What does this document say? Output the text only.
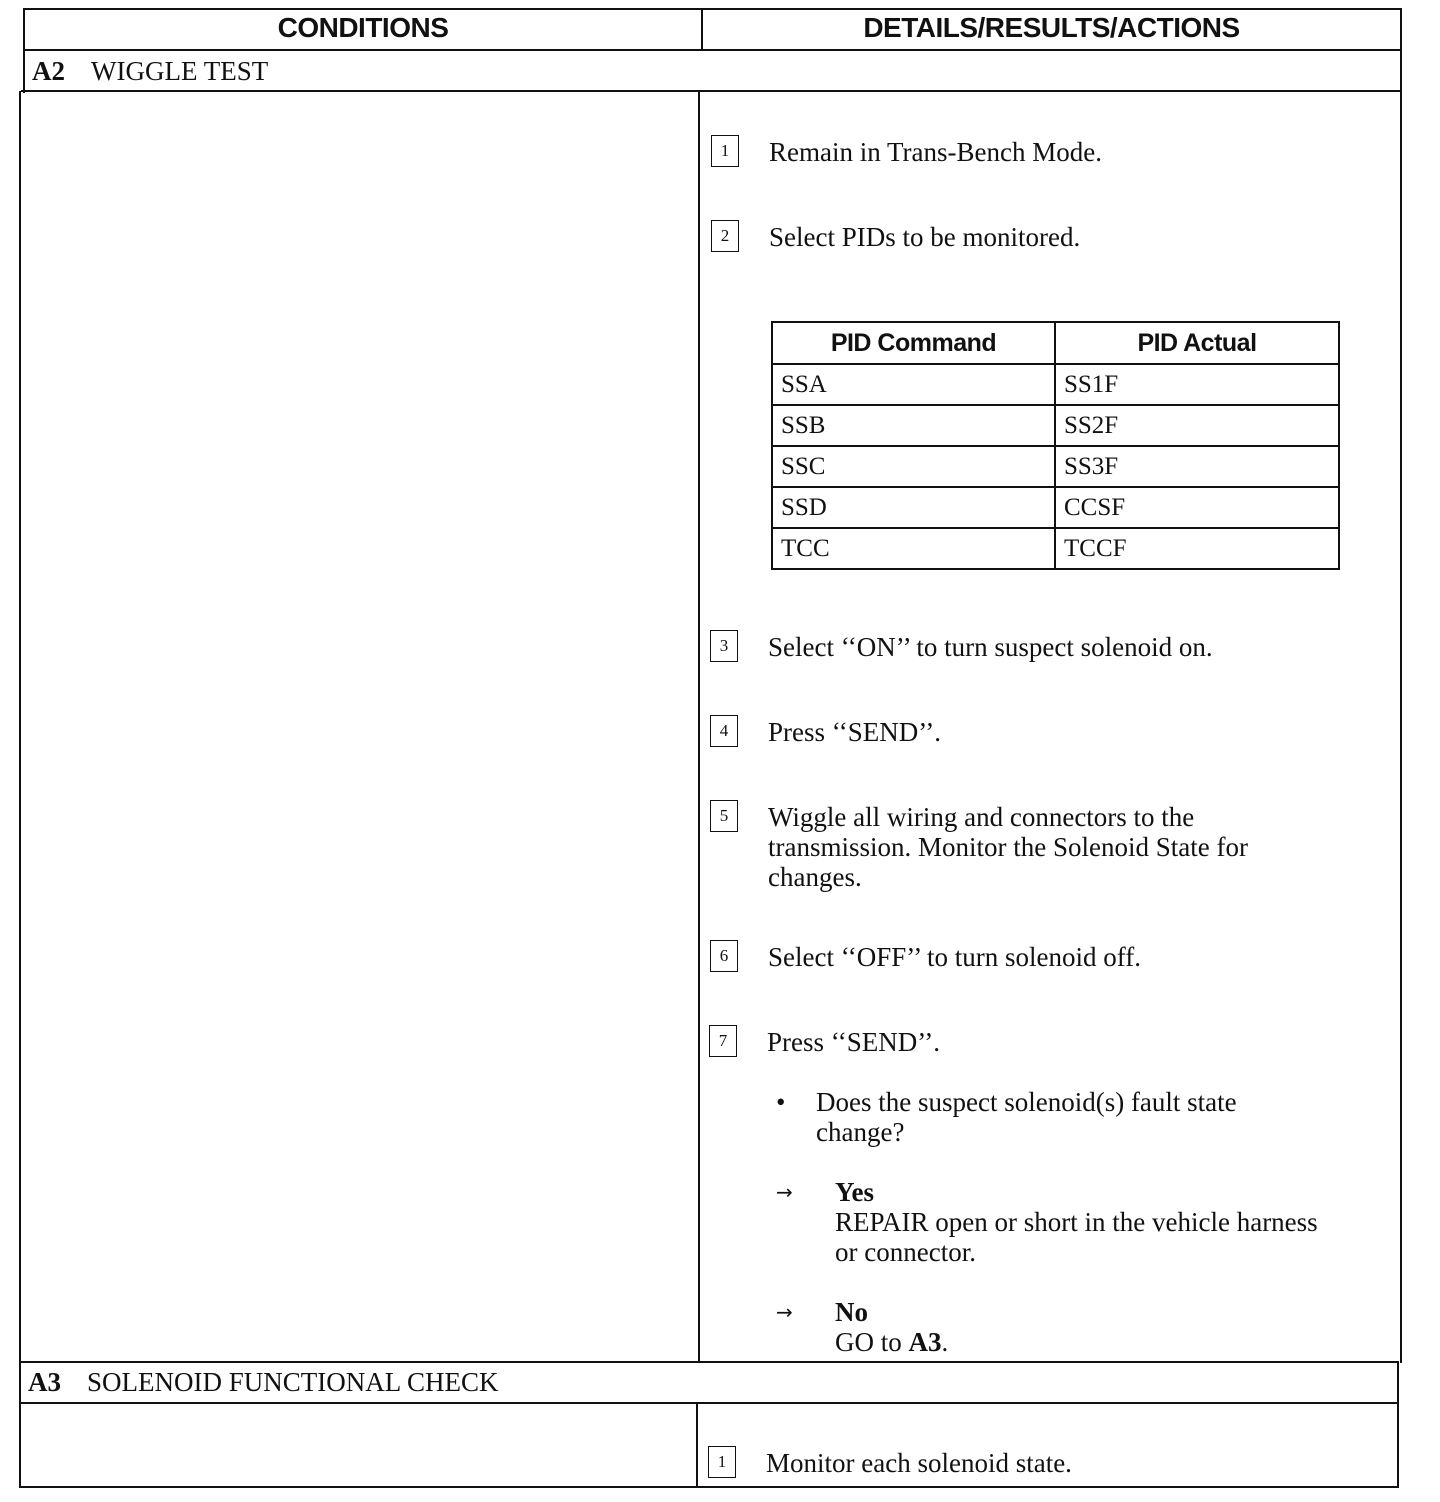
CONDITIONS	DETAILS/RESULTS/ACTIONS
A2 WIGGLE TEST
1	Remain in Trans-Bench Mode.
2	Select PIDs to be monitored.
PID Command	PID Actual
SSA	SS1F
SSB	SS2F
SSC	SS3F
SSD	CCSF
TCC	TCCF
3	Select ‘‘ON’’ to turn suspect solenoid on.
4	Press ‘‘SEND’’.
5	Wiggle all wiring and connectors to the
transmission. Monitor the Solenoid State for
changes.
6	Select ‘‘OFF’’ to turn solenoid off.
7	Press ‘‘SEND’’.
• Does the suspect solenoid(s) fault state
change?
→ Yes
REPAIR open or short in the vehicle harness
or connector.
→ No
GO to A3.
A3 SOLENOID FUNCTIONAL CHECK
1	Monitor each solenoid state.
